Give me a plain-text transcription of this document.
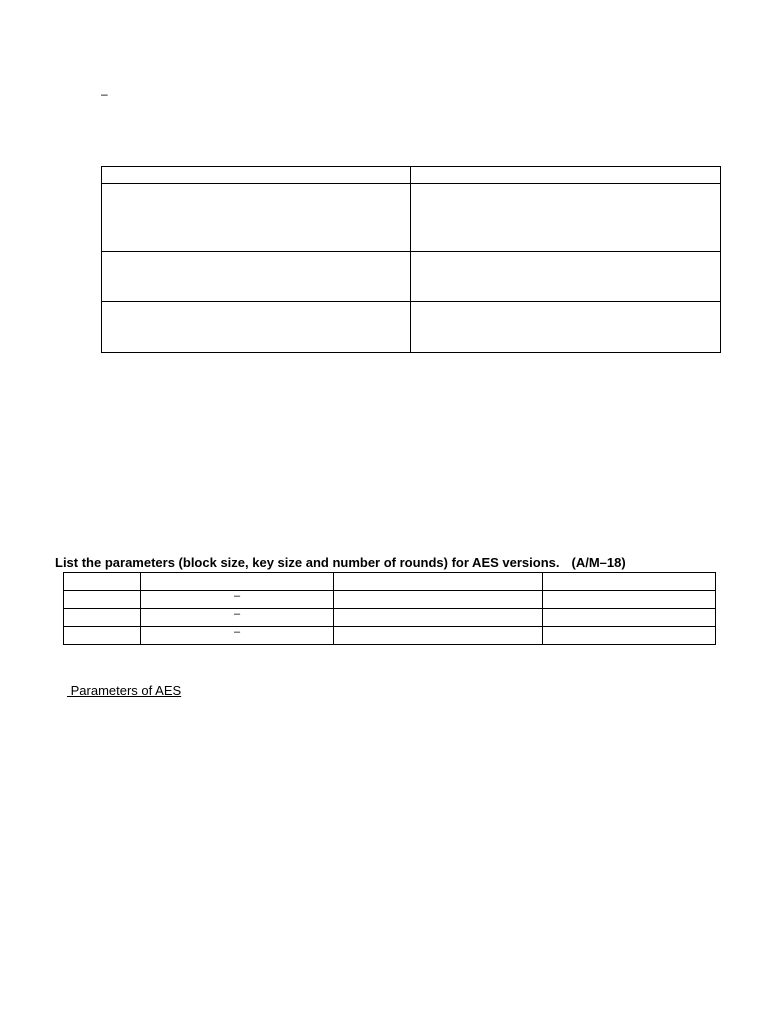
–

List the parameters (block size, key size and number of rounds) for AES versions. (A/M–18)

	–		
	–		
	–		
Parameters of AES
